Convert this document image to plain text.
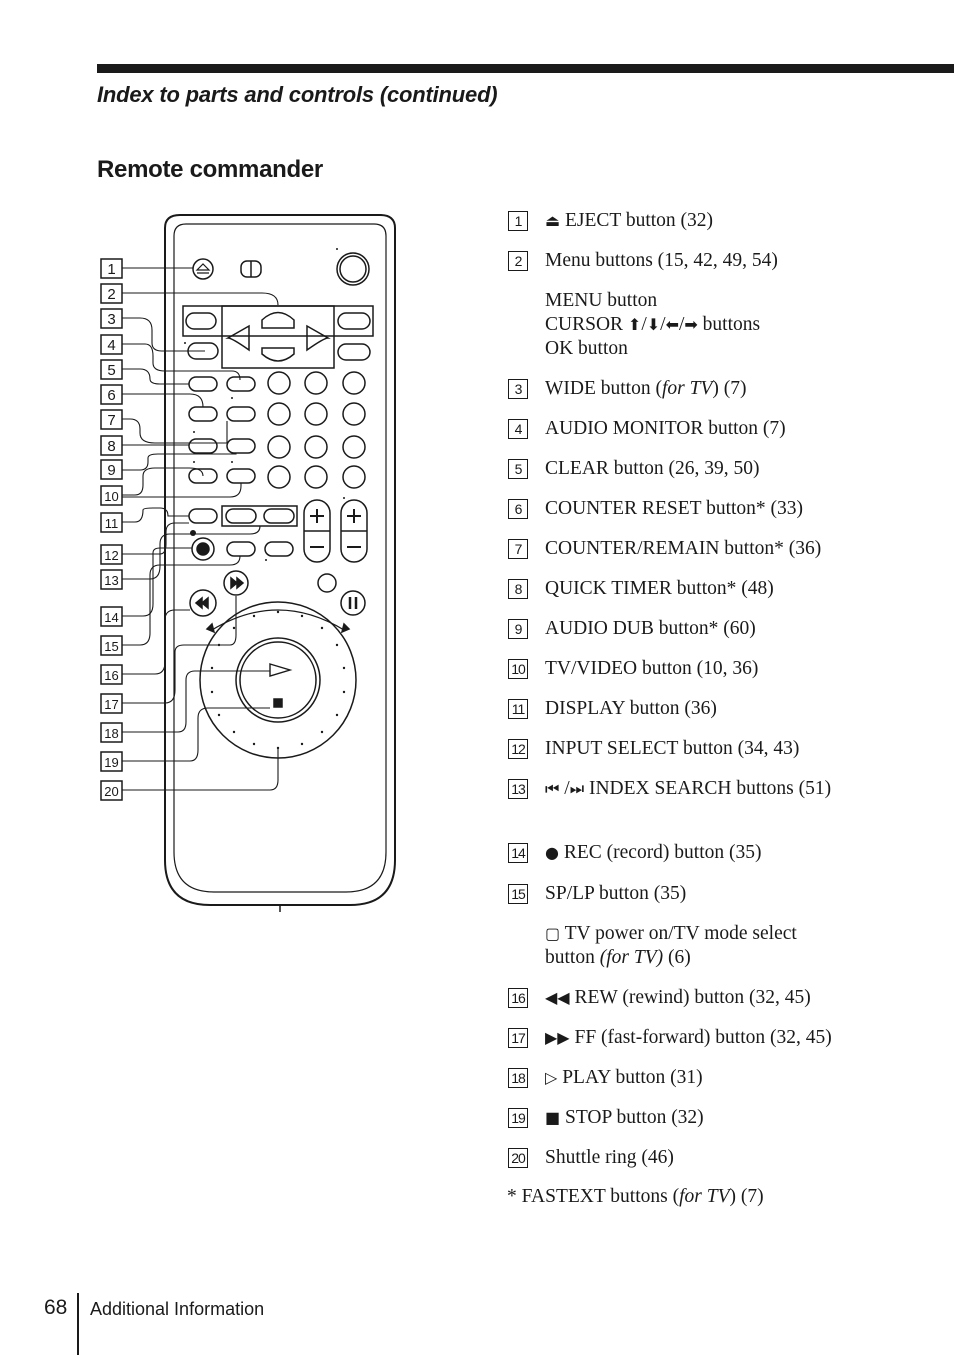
Index to parts and controls (continued)
Remote commander
1
2
3
4
5
6
7
8
9
10
11
12
13
14
15
16
17
18
19
20
1	⏏ EJECT button (32)
2	Menu buttons (15, 42, 49, 54)
MENU button
CURSOR ⬆/⬇/⬅/➡ buttons
OK button
3	WIDE button (for TV) (7)
4	AUDIO MONITOR button (7)
5	CLEAR button (26, 39, 50)
6	COUNTER RESET button* (33)
7	COUNTER/REMAIN button* (36)
8	QUICK TIMER button* (48)
9	AUDIO DUB button* (60)
10 TV/VIDEO button (10, 36)
11 DISPLAY button (36)
12 INPUT SELECT button (34, 43)
13 ⏮ /⏭ INDEX SEARCH buttons (51)
14 ● REC (record) button (35)
15 SP/LP button (35)
▢ TV power on/TV mode select
button (for TV) (6)
16 ◀◀ REW (rewind) button (32, 45)
17 ▶▶ FF (fast-forward) button (32, 45)
18 ▷ PLAY button (31)
19 ■ STOP button (32)
20 Shuttle ring (46)
* FASTEXT buttons (for TV) (7)
68 Additional Information
